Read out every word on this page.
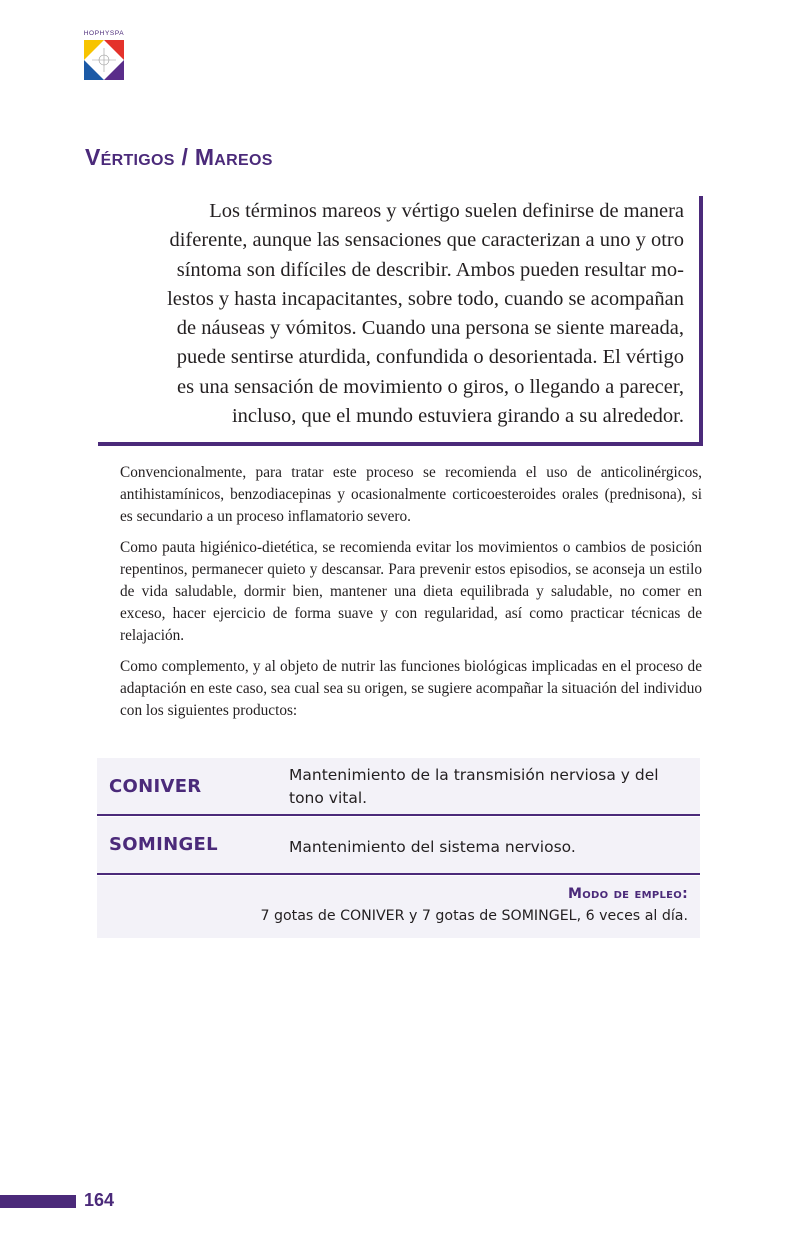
HOPHYSPA
Vértigos / Mareos

Los términos mareos y vértigo suelen definirse de manera
diferente, aunque las sensaciones que caracterizan a uno y otro
síntoma son difíciles de describir. Ambos pueden resultar mo-
lestos y hasta incapacitantes, sobre todo, cuando se acompañan
de náuseas y vómitos. Cuando una persona se siente mareada,
puede sentirse aturdida, confundida o desorientada. El vértigo
es una sensación de movimiento o giros, o llegando a parecer,
incluso, que el mundo estuviera girando a su alrededor.

Convencionalmente, para tratar este proceso se recomienda el uso de anticolinérgicos, antihistamínicos, benzodiacepinas y ocasionalmente corticoesteroides orales (prednisona), si es secundario a un proceso inflamatorio severo.

Como pauta higiénico-dietética, se recomienda evitar los movimientos o cambios de posición repentinos, permanecer quieto y descansar. Para prevenir estos episodios, se aconseja un estilo de vida saludable, dormir bien, mantener una dieta equilibrada y saludable, no comer en exceso, hacer ejercicio de forma suave y con regularidad, así como practicar técnicas de relajación.

Como complemento, y al objeto de nutrir las funciones biológicas implicadas en el proceso de adaptación en este caso, sea cual sea su origen, se sugiere acompañar la situación del individuo con los siguientes productos:

CONIVER
Mantenimiento de la transmisión nerviosa y del tono vital.
SOMINGEL	Mantenimiento del sistema nervioso.
Modo de empleo:
7 gotas de CONIVER y 7 gotas de SOMINGEL, 6 veces al día.
164
